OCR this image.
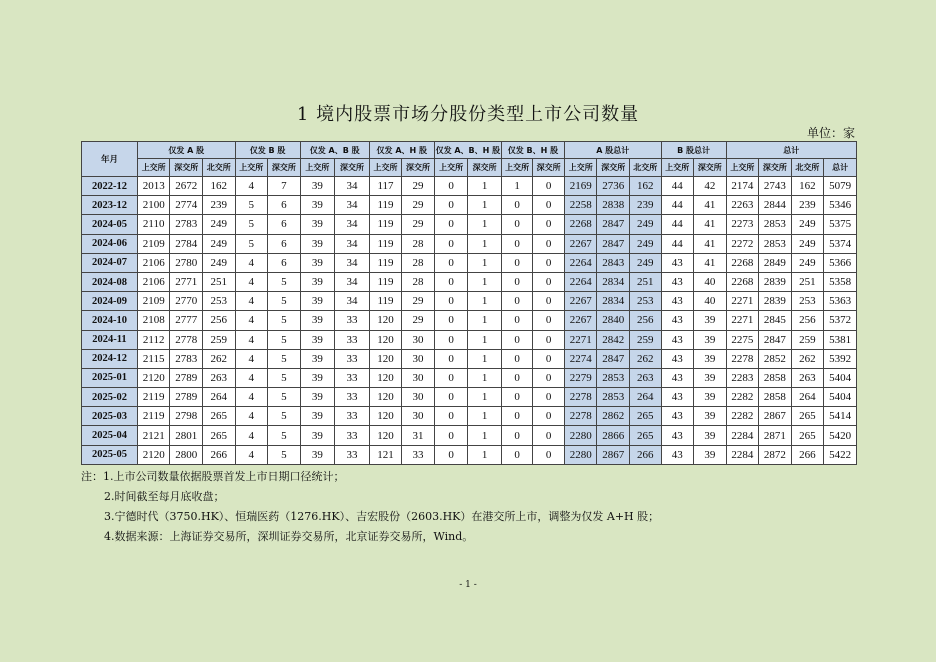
1 境内股票市场分股份类型上市公司数量
单位：家
年月	仅发 A 股			仅发 B 股		仅发 A、B 股		仅发 A、H 股		仅发 A、B、H 股		仅发 B、H 股		A 股总计			B 股总计		总计			
	上交所	深交所	北交所	上交所	深交所	上交所	深交所	上交所	深交所	上交所	深交所	上交所	深交所	上交所	深交所	北交所	上交所	深交所	上交所	深交所	北交所	总计
2022-12	2013	2672	162	4	7	39	34	117	29	0	1	1	0	2169	2736	162	44	42	2174	2743	162	5079
2023-12	2100	2774	239	5	6	39	34	119	29	0	1	0	0	2258	2838	239	44	41	2263	2844	239	5346
2024-05	2110	2783	249	5	6	39	34	119	29	0	1	0	0	2268	2847	249	44	41	2273	2853	249	5375
2024-06	2109	2784	249	5	6	39	34	119	28	0	1	0	0	2267	2847	249	44	41	2272	2853	249	5374
2024-07	2106	2780	249	4	6	39	34	119	28	0	1	0	0	2264	2843	249	43	41	2268	2849	249	5366
2024-08	2106	2771	251	4	5	39	34	119	28	0	1	0	0	2264	2834	251	43	40	2268	2839	251	5358
2024-09	2109	2770	253	4	5	39	34	119	29	0	1	0	0	2267	2834	253	43	40	2271	2839	253	5363
2024-10	2108	2777	256	4	5	39	33	120	29	0	1	0	0	2267	2840	256	43	39	2271	2845	256	5372
2024-11	2112	2778	259	4	5	39	33	120	30	0	1	0	0	2271	2842	259	43	39	2275	2847	259	5381
2024-12	2115	2783	262	4	5	39	33	120	30	0	1	0	0	2274	2847	262	43	39	2278	2852	262	5392
2025-01	2120	2789	263	4	5	39	33	120	30	0	1	0	0	2279	2853	263	43	39	2283	2858	263	5404
2025-02	2119	2789	264	4	5	39	33	120	30	0	1	0	0	2278	2853	264	43	39	2282	2858	264	5404
2025-03	2119	2798	265	4	5	39	33	120	30	0	1	0	0	2278	2862	265	43	39	2282	2867	265	5414
2025-04	2121	2801	265	4	5	39	33	120	31	0	1	0	0	2280	2866	265	43	39	2284	2871	265	5420
2025-05	2120	2800	266	4	5	39	33	121	33	0	1	0	0	2280	2867	266	43	39	2284	2872	266	5422
注：1.上市公司数量依据股票首发上市日期口径统计；
2.时间截至每月底收盘；
3.宁德时代（3750.HK）、恒瑞医药（1276.HK）、吉宏股份（2603.HK）在港交所上市，调整为仅发 A+H 股；
4.数据来源：上海证券交易所，深圳证券交易所，北京证券交易所，Wind。
- 1 -
